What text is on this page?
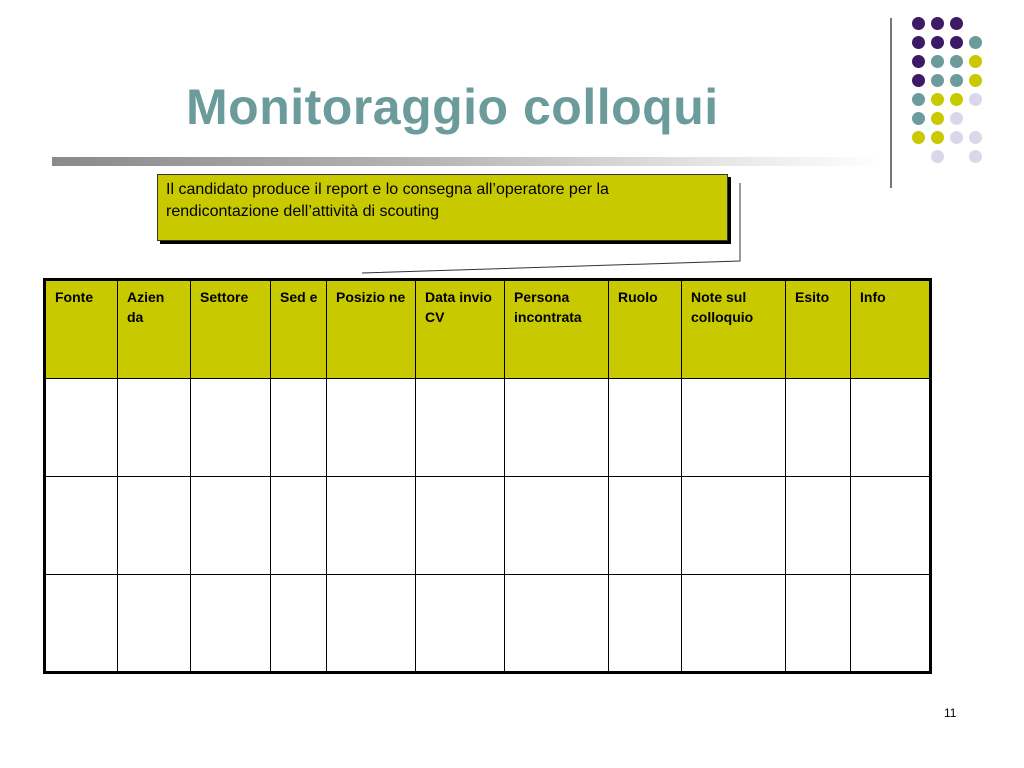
Monitoraggio colloqui
Il candidato produce il report e lo consegna all’operatore per la rendicontazione dell’attività di scouting
Fonte	Azien da	Settore	Sed e	Posizio ne	Data invio CV	Persona incontrata	Ruolo	Note sul colloquio	Esito	Info

11
